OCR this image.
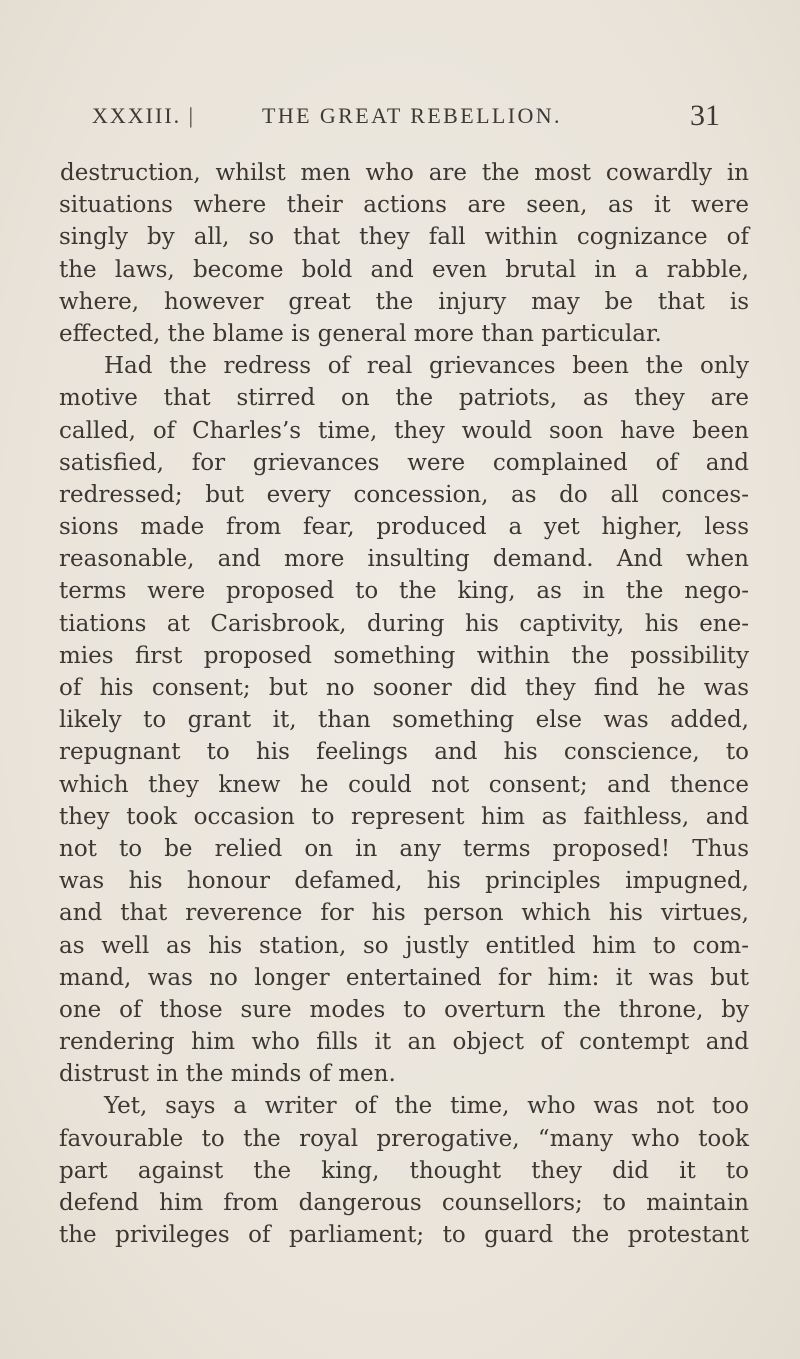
XXXIII. |	THE GREAT REBELLION.	31
destruction, whilst men who are the most cowardly in
situations where their actions are seen, as it were
singly by all, so that they fall within cognizance of
the laws, become bold and even brutal in a rabble,
where, however great the injury may be that is
effected, the blame is general more than particular.
Had the redress of real grievances been the only
motive that stirred on the patriots, as they are
called, of Charles’s time, they would soon have been
satisfied, for grievances were complained of and
redressed; but every concession, as do all conces-
sions made from fear, produced a yet higher, less
reasonable, and more insulting demand. And when
terms were proposed to the king, as in the nego-
tiations at Carisbrook, during his captivity, his ene-
mies first proposed something within the possibility
of his consent; but no sooner did they find he was
likely to grant it, than something else was added,
repugnant to his feelings and his conscience, to
which they knew he could not consent; and thence
they took occasion to represent him as faithless, and
not to be relied on in any terms proposed! Thus
was his honour defamed, his principles impugned,
and that reverence for his person which his virtues,
as well as his station, so justly entitled him to com-
mand, was no longer entertained for him: it was but
one of those sure modes to overturn the throne, by
rendering him who fills it an object of contempt and
distrust in the minds of men.
Yet, says a writer of the time, who was not too
favourable to the royal prerogative, “many who took
part against the king, thought they did it to
defend him from dangerous counsellors; to maintain
the privileges of parliament; to guard the protestant
